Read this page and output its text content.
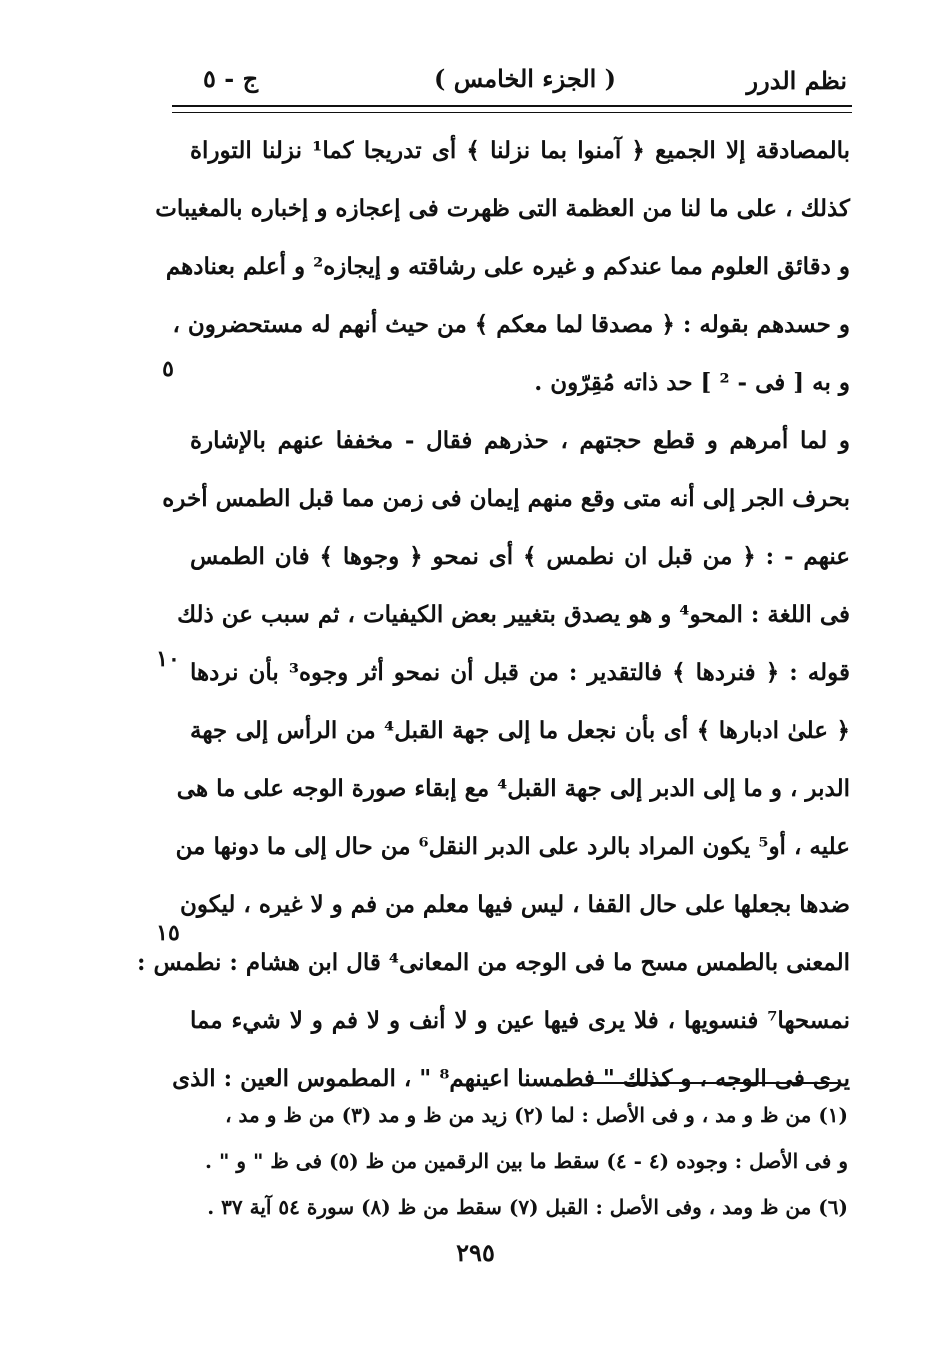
نظم الدرر
( الجزء الخامس )
ج - ٥
بالمصادقة إلا الجميع ﴿ آمنوا بما نزلنا ﴾ أى تدريجا كما¹ نزلنا التوراة
كذلك ، على ما لنا من العظمة التى ظهرت فى إعجازه و إخباره بالمغيبات
و دقائق العلوم مما عندكم و غيره على رشاقته و إيجازه² و أعلم بعنادهم
و حسدهم بقوله : ﴿ مصدقا لما معكم ﴾ من حيث أنهم له مستحضرون ،
و به [ فى - ² ] حد ذاته مُقِرّون .
و لما أمرهم و قطع حجتهم ، حذرهم فقال - مخففا عنهم بالإشارة
بحرف الجر إلى أنه متى وقع منهم إيمان فى زمن مما قبل الطمس أخره
عنهم - : ﴿ من قبل ان نطمس ﴾ أى نمحو ﴿ وجوها ﴾ فان الطمس
فى اللغة : المحو⁴ و هو يصدق بتغيير بعض الكيفيات ، ثم سبب عن ذلك
قوله : ﴿ فنردها ﴾ فالتقدير : من قبل أن نمحو أثر وجوه³ بأن نردها
﴿ علىٰ ادبارها ﴾ أى بأن نجعل ما إلى جهة القبل⁴ من الرأس إلى جهة
الدبر ، و ما إلى الدبر إلى جهة القبل⁴ مع إبقاء صورة الوجه على ما هى
عليه ، أو⁵ يكون المراد بالرد على الدبر النقل⁶ من حال إلى ما دونها من
ضدها بجعلها على حال القفا ، ليس فيها معلم من فم و لا غيره ، ليكون
المعنى بالطمس مسح ما فى الوجه من المعانى⁴ قال ابن هشام : نطمس :
نمسحها⁷ فنسويها ، فلا يرى فيها عين و لا أنف و لا فم و لا شيء مما
يرى فى الوجه ، و كذلك " فطمسنا اعينهم⁸ " ، المطموس العين : الذى
٥
١٠
١٥
(١) من ظ و مد ، و فى الأصل : لما (٢) زيد من ظ و مد (٣) من ظ و مد ،
و فى الأصل : وجوده (٤ - ٤) سقط ما بين الرقمين من ظ (٥) فى ظ " و " .
(٦) من ظ ومد ، وفى الأصل : القبل (٧) سقط من ظ (٨) سورة ٥٤ آية ٣٧ .
٢٩٥
